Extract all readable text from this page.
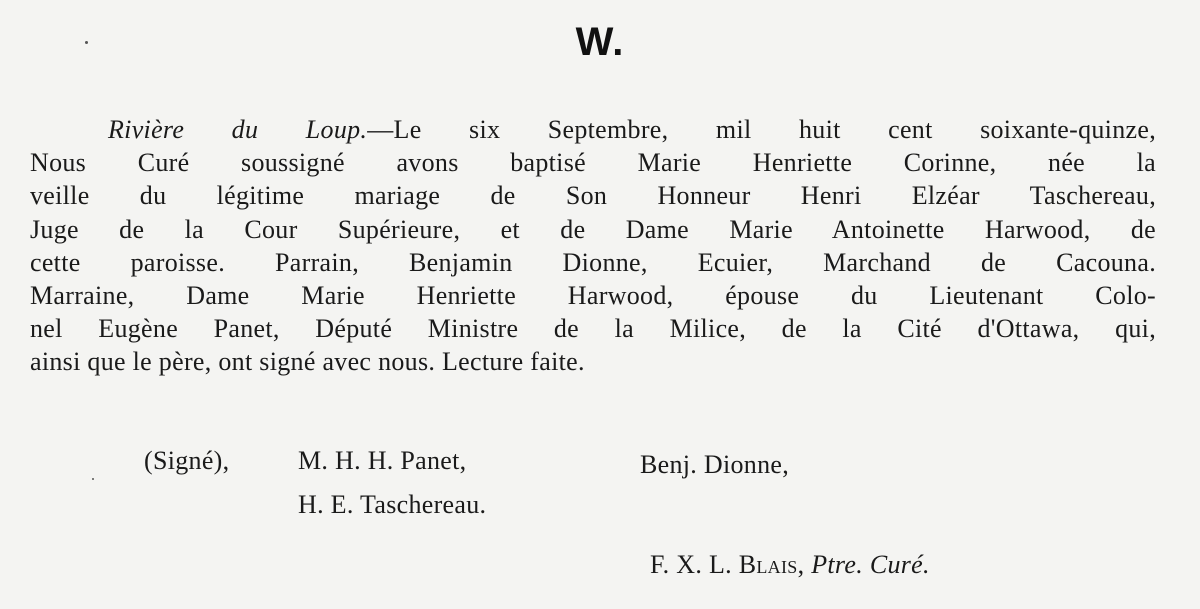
W.
Rivière du Loup.—Le six Septembre, mil huit cent soixante-quinze,
Nous Curé soussigné avons baptisé Marie Henriette Corinne, née la
veille du légitime mariage de Son Honneur Henri Elzéar Taschereau,
Juge de la Cour Supérieure, et de Dame Marie Antoinette Harwood, de
cette paroisse. Parrain, Benjamin Dionne, Ecuier, Marchand de Cacouna.
Marraine, Dame Marie Henriette Harwood, épouse du Lieutenant Colo-
nel Eugène Panet, Député Ministre de la Milice, de la Cité d'Ottawa, qui,
ainsi que le père, ont signé avec nous. Lecture faite.
(Signé),	M. H. H. Panet,	Benj. Dionne,
H. E. Taschereau.
F. X. L. Blais, Ptre. Curé.
